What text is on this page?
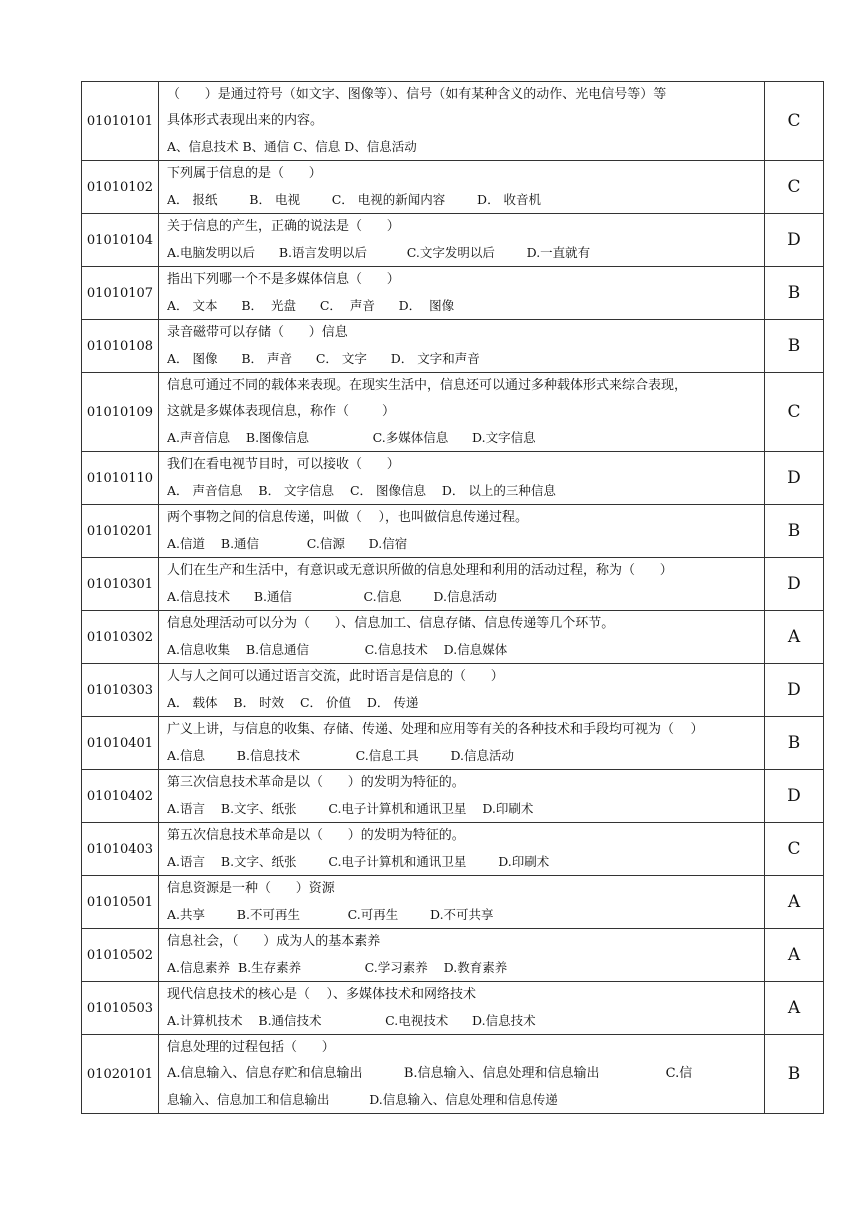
01010101	（      ）是通过符号（如文字、图像等）、信号（如有某种含义的动作、光电信号等）等
具体形式表现出来的内容。
A、信息技术 B、通信 C、信息 D、信息活动	C
01010102	下列属于信息的是（      ）
A． 报纸        B． 电视        C． 电视的新闻内容        D． 收音机	C
01010104	关于信息的产生，正确的说法是（      ）
A.电脑发明以后      B.语言发明以后          C.文字发明以后        D.一直就有	D
01010107	指出下列哪一个不是多媒体信息（      ）
A． 文本      B．  光盘      C．  声音      D．  图像	B
01010108	录音磁带可以存储（      ）信息
A． 图像      B． 声音      C． 文字      D． 文字和声音	B
01010109	信息可通过不同的载体来表现。在现实生活中，信息还可以通过多种载体形式来综合表现，
这就是多媒体表现信息，称作（        ）
A.声音信息    B.图像信息                C.多媒体信息      D.文字信息	C
01010110	我们在看电视节目时，可以接收（      ）
A． 声音信息    B． 文字信息    C． 图像信息    D． 以上的三种信息	D
01010201	两个事物之间的信息传递，叫做（    ），也叫做信息传递过程。
A.信道    B.通信            C.信源      D.信宿	B
01010301	人们在生产和生活中，有意识或无意识所做的信息处理和利用的活动过程，称为（      ）
A.信息技术      B.通信                  C.信息        D.信息活动	D
01010302	信息处理活动可以分为（      ）、信息加工、信息存储、信息传递等几个环节。
A.信息收集    B.信息通信              C.信息技术    D.信息媒体	A
01010303	人与人之间可以通过语言交流，此时语言是信息的（      ）
A． 载体    B． 时效    C． 价值    D． 传递	D
01010401	广义上讲，与信息的收集、存储、传递、处理和应用等有关的各种技术和手段均可视为（    ）
A.信息        B.信息技术              C.信息工具        D.信息活动	B
01010402	第三次信息技术革命是以（      ）的发明为特征的。
A.语言    B.文字、纸张        C.电子计算机和通讯卫星    D.印刷术	D
01010403	第五次信息技术革命是以（      ）的发明为特征的。
A.语言    B.文字、纸张        C.电子计算机和通讯卫星        D.印刷术	C
01010501	信息资源是一种（      ）资源
A.共享        B.不可再生            C.可再生        D.不可共享	A
01010502	信息社会，（      ）成为人的基本素养
A.信息素养  B.生存素养                C.学习素养    D.教育素养	A
01010503	现代信息技术的核心是（    ）、多媒体技术和网络技术
A.计算机技术    B.通信技术                C.电视技术      D.信息技术	A
01020101	信息处理的过程包括（      ）
A.信息输入、信息存贮和信息输出          B.信息输入、信息处理和信息输出                C.信
息输入、信息加工和信息输出          D.信息输入、信息处理和信息传递	B
